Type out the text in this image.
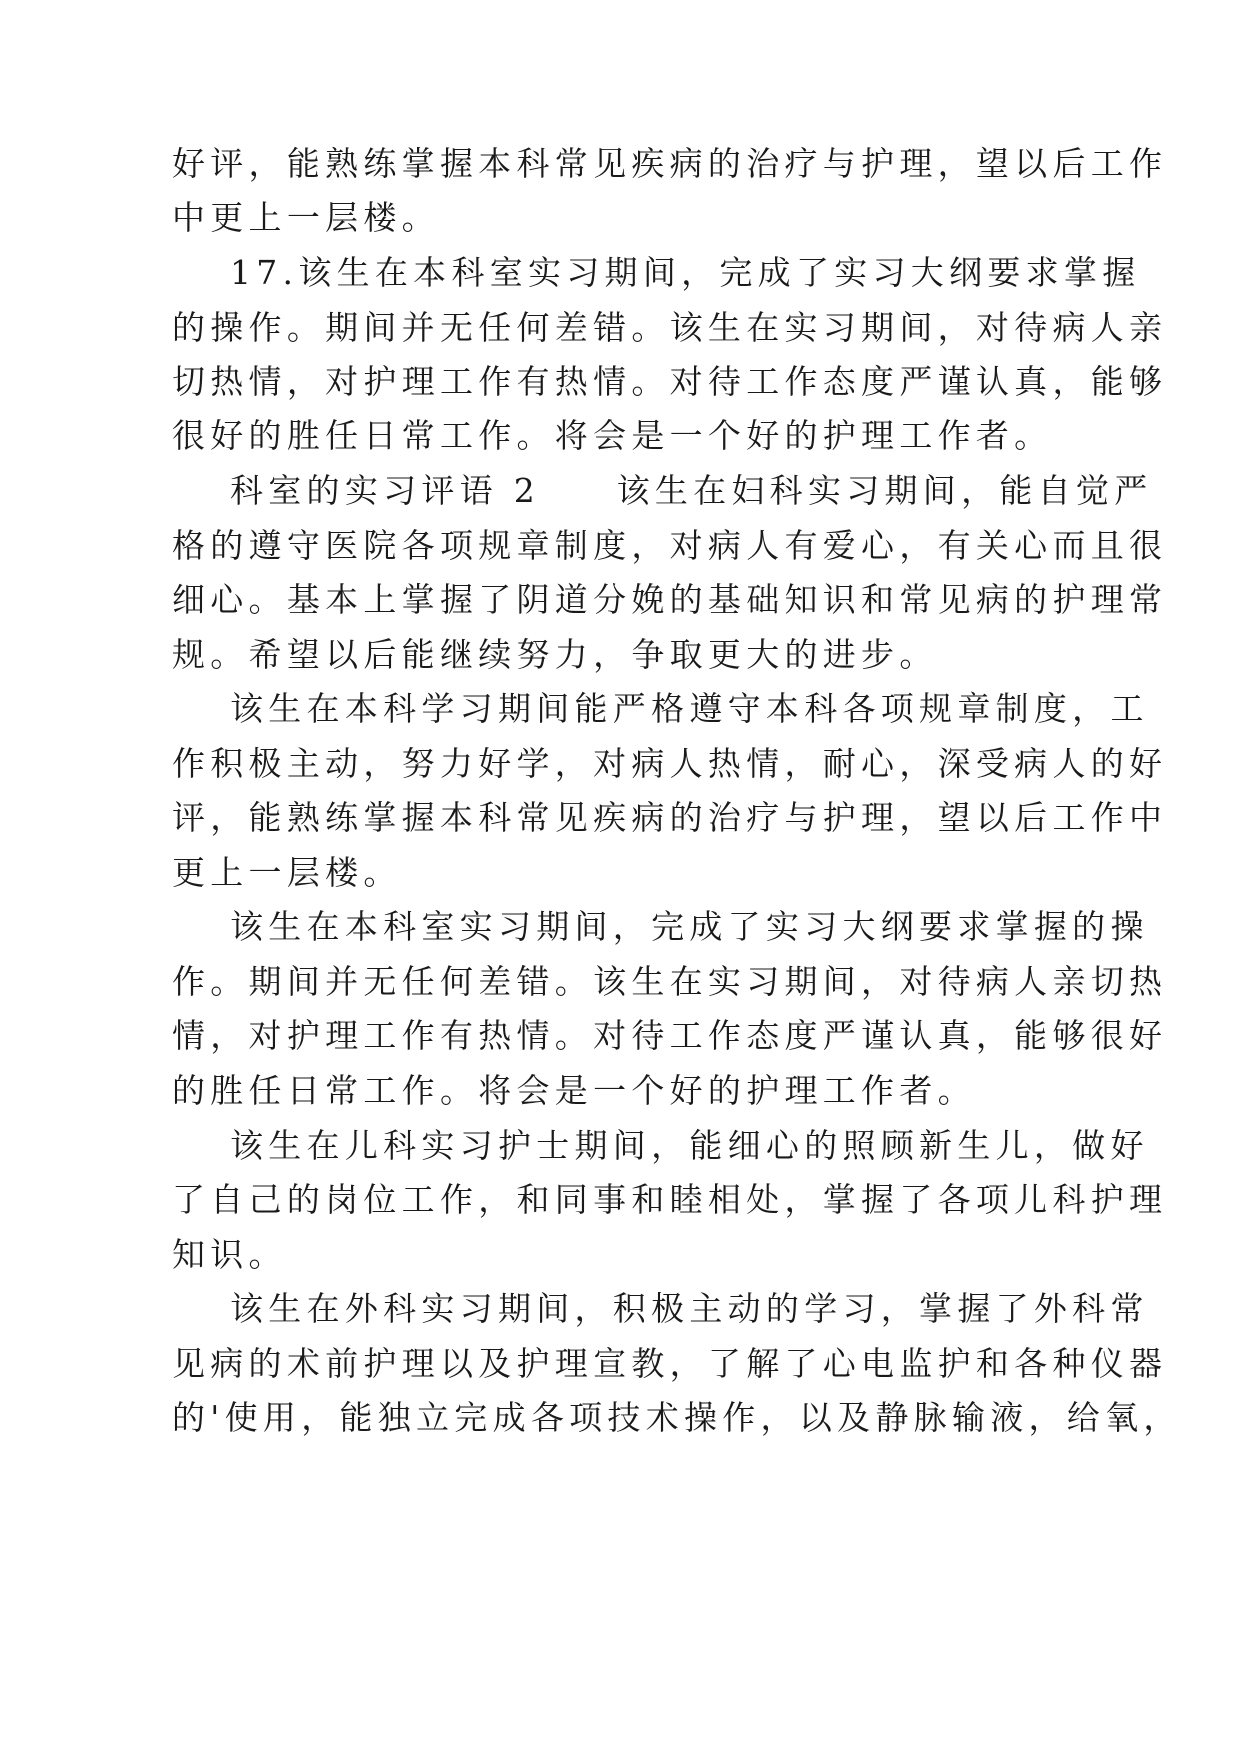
好评，能熟练掌握本科常见疾病的治疗与护理，望以后工作
中更上一层楼。
17.该生在本科室实习期间，完成了实习大纲要求掌握
的操作。期间并无任何差错。该生在实习期间，对待病人亲
切热情，对护理工作有热情。对待工作态度严谨认真，能够
很好的胜任日常工作。将会是一个好的护理工作者。
科室的实习评语 2　　该生在妇科实习期间，能自觉严
格的遵守医院各项规章制度，对病人有爱心，有关心而且很
细心。基本上掌握了阴道分娩的基础知识和常见病的护理常
规。希望以后能继续努力，争取更大的进步。
该生在本科学习期间能严格遵守本科各项规章制度，工
作积极主动，努力好学，对病人热情，耐心，深受病人的好
评，能熟练掌握本科常见疾病的治疗与护理，望以后工作中
更上一层楼。
该生在本科室实习期间，完成了实习大纲要求掌握的操
作。期间并无任何差错。该生在实习期间，对待病人亲切热
情，对护理工作有热情。对待工作态度严谨认真，能够很好
的胜任日常工作。将会是一个好的护理工作者。
该生在儿科实习护士期间，能细心的照顾新生儿，做好
了自己的岗位工作，和同事和睦相处，掌握了各项儿科护理
知识。
该生在外科实习期间，积极主动的学习，掌握了外科常
见病的术前护理以及护理宣教，了解了心电监护和各种仪器
的'使用，能独立完成各项技术操作，以及静脉输液，给氧，
